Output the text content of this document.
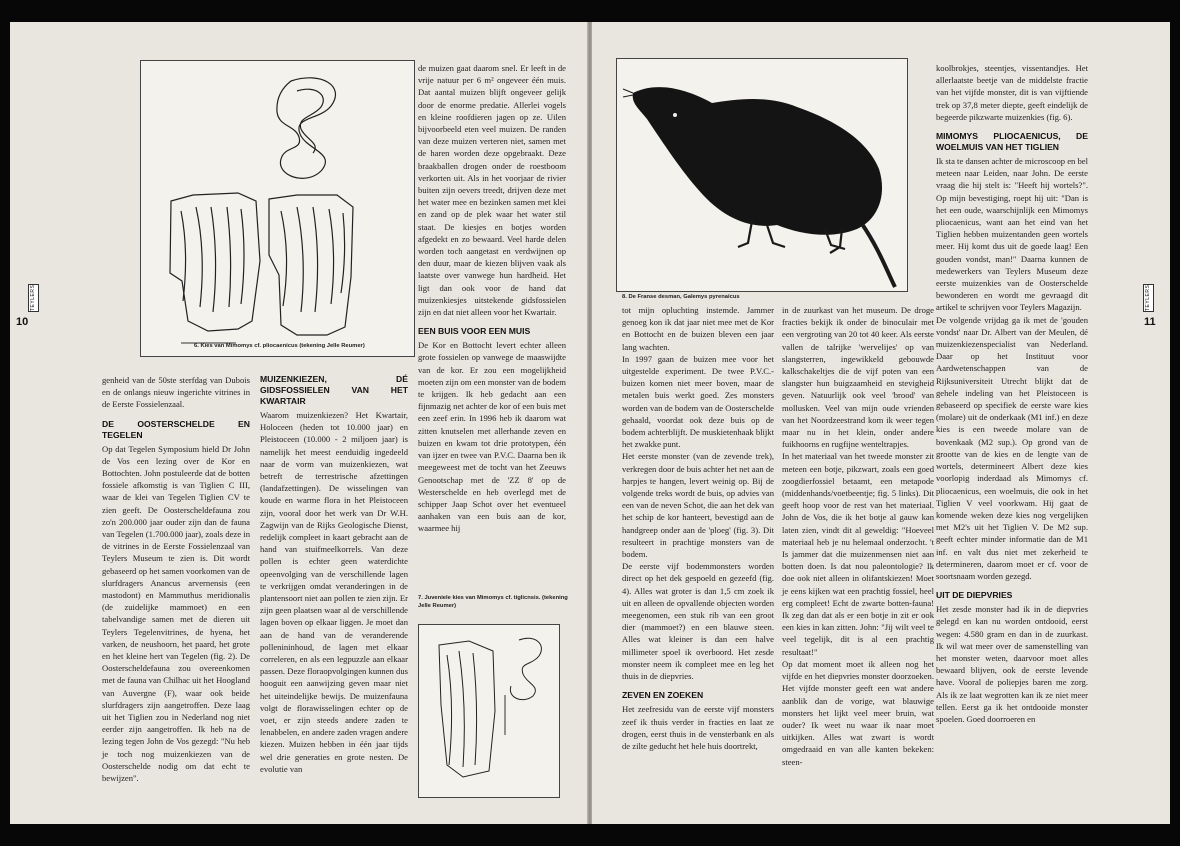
TEYLERS
10
6. Kies van Mimomys cf. pliocaenicus (tekening Jelle Reumer)

genheid van de 50ste sterfdag van Dubois en de onlangs nieuw ingerichte vitrines in de Eerste Fossielenzaal.

DE OOSTERSCHELDE EN TEGELEN

Op dat Tegelen Symposium hield Dr John de Vos een lezing over de Kor en Bottochten. John postuleerde dat de botten fossiele afkomstig is van Tiglien C III, waar de klei van Tegelen Tiglien CV te zien geeft. De Oosterscheldefauna zou zo'n 200.000 jaar ouder zijn dan de fauna van Tegelen (1.700.000 jaar), zoals deze in de vitrines in de Eerste Fossielenzaal van Teylers Museum te zien is. Dit wordt gebaseerd op het samen voorkomen van de slurfdragers Anancus arvernensis (een mastodont) en Mammuthus meridionalis (de zuidelijke mammoet) en een tabelvandige samen met de dieren uit Teylers Tegelenvitrines, de hyena, het varken, de neushoorn, het paard, het grote en het kleine hert van Tegelen (fig. 2). De Oosterscheldefauna zou overeenkomen met de fauna van Chilhac uit het Hoogland van Auvergne (F), waar ook beide slurfdragers zijn aangetroffen. Deze laag uit het Tiglien zou in Nederland nog niet eerder zijn aangetroffen. Ik heb na de lezing tegen John de Vos gezegd: "Nu heb je toch nog muizenkiezen van de Oosterschelde nodig om dat echt te bewijzen".

MUIZENKIEZEN, DÉ GIDSFOSSIELEN VAN HET KWARTAIR

Waarom muizenkiezen? Het Kwartair, Holoceen (heden tot 10.000 jaar) en Pleistoceen (10.000 - 2 miljoen jaar) is namelijk het meest eenduidig ingedeeld naar de vorm van muizenkiezen, wat betreft de terrestrische afzettingen (landafzettingen). De wisselingen van koude en warme flora in het Pleistoceen zijn, vooral door het werk van Dr W.H. Zagwijn van de Rijks Geologische Dienst, redelijk compleet in kaart gebracht aan de hand van stuifmeelkorrels. Van deze pollen is echter geen waterdichte opeenvolging van de verschillende lagen te verkrijgen omdat veranderingen in de plantensoort niet aan pollen te zien zijn. Er zijn geen plaatsen waar al de verschillende lagen boven op elkaar liggen. Je moet dan aan de hand van de veranderende pollenininhoud, de lagen met elkaar correleren, en als een legpuzzle aan elkaar passen. Deze floraopvolgingen kunnen dus hooguit een aanwijzing geven maar niet het uiteindelijke bewijs. De muizenfauna volgt de florawisselingen echter op de voet, er zijn steeds andere zaden te lenabbelen, en andere zaden vragen andere kiezen. Muizen hebben in één jaar tijds wel drie generaties en grote nesten. De evolutie van

de muizen gaat daarom snel. Er leeft in de vrije natuur per 6 m² ongeveer één muis. Dat aantal muizen blijft ongeveer gelijk door de enorme predatie. Allerlei vogels en kleine roofdieren jagen op ze. Uilen bijvoorbeeld eten veel muizen. De randen van deze muizen verteren niet, samen met de haren worden deze opgebraakt. Deze braakballen drogen onder de roestboom verkorten uit. Als in het voorjaar de rivier buiten zijn oevers treedt, drijven deze met het water mee en bezinken samen met klei en zand op de plek waar het water stil staat. De kiesjes en botjes worden afgedekt en zo bewaard. Veel harde delen worden toch aangetast en verdwijnen op den duur, maar de kiezen blijven vaak als laatste over vanwege hun hardheid. Het ligt dan ook voor de hand dat muizenkiesjes uitstekende gidsfossielen zijn en dat niet alleen voor het Kwartair.

EEN BUIS VOOR EEN MUIS

De Kor en Bottocht levert echter alleen grote fossielen op vanwege de maaswijdte van de kor. Er zou een mogelijkheid moeten zijn om een monster van de bodem te krijgen. Ik heb gedacht aan een fijnmazig net achter de kor of een buis met een zeef erin. In 1996 heb ik daarom wat zitten knutselen met allerhande zeven en buizen en kwam tot drie prototypen, één van ijzer en twee van P.V.C. Daarna ben ik meegeweest met de tocht van het Zeeuws Genootschap met de 'ZZ 8' op de Westerschelde en heb overlegd met de schipper Jaap Schot over het eventueel aanhaken van een buis aan de kor, waarmee hij

7. Juveniele kies van Mimomys cf. tiglicnsis. (tekening Jelle Reumer)
TEYLERS
11
8. De Franse desman, Galemys pyrenaicus

tot mijn opluchting instemde. Jammer genoeg kon ik dat jaar niet mee met de Kor en Bottocht en de buizen bleven een jaar lang wachten.

In 1997 gaan de buizen mee voor het uitgestelde experiment. De twee P.V.C.-buizen komen niet meer boven, maar de metalen buis werkt goed. Zes monsters worden van de bodem van de Oosterschelde gehaald, voordat ook deze buis op de bodem achterblijft. De muskietenhaak blijkt het zwakke punt.

Het eerste monster (van de zevende trek), verkregen door de buis achter het net aan de harpjes te hangen, levert weinig op. Bij de volgende treks wordt de buis, op advies van een van de neven Schot, die aan het dek van het schip de kor hanteert, bevestigd aan de handgreep onder aan de 'ploeg' (fig. 3). Dit resulteert in prachtige monsters van de bodem.

De eerste vijf bodemmonsters worden direct op het dek gespoeld en gezeefd (fig. 4). Alles wat groter is dan 1,5 cm zoek ik uit en alleen de opvallende objecten worden meegenomen, een stuk rib van een groot dier (mammoet?) en een blauwe steen. Alles wat kleiner is dan een halve millimeter spoel ik overboord. Het zesde monster neem ik compleet mee en leg het thuis in de diepvries.

ZEVEN EN ZOEKEN

Het zeefresidu van de eerste vijf monsters zeef ik thuis verder in fracties en laat ze drogen, eerst thuis in de vensterbank en als de zilte geducht het hele huis doortrekt,

in de zuurkast van het museum. De droge fracties bekijk ik onder de binoculair met een vergroting van 20 tot 40 keer. Als eerste vallen de talrijke 'wervelijes' op van slangsterren, ingewikkeld gebouwde kalkschakeltjes die de vijf poten van een slangster hun buigzaamheid en stevigheid geven. Natuurlijk ook veel 'brood' van mollusken. Veel van mijn oude vrienden van het Noordzeestrand kom ik weer tegen maar nu in het klein, onder andere fuikhoorns en rugfijne wenteltrapjes.

In het materiaal van het tweede monster zit meteen een botje, pikzwart, zoals een goed zoogdierfossiel betaamt, een metapode (middenhands/voetbeentje; fig. 5 links). Dit geeft hoop voor de rest van het materiaal. John de Vos, die ik het botje al gauw kan laten zien, vindt dit al geweldig: "Hoeveel materiaal heb je nu helemaal onderzocht. 't Is jammer dat die muizenmensen niet aan botten doen. Is dat nou paleontologie? Ik doe ook niet alleen in olifantskiezen! Moet je eens kijken wat een prachtig fossiel, heel erg compleet! Echt de zwarte botten-fauna! Ik zeg dan dat als er een botje in zit er ook een kies in kan zitten. John: "Jij wilt veel te veel tegelijk, dit is al een prachtig resultaat!"

Op dat moment moet ik alleen nog het vijfde en het diepvries monster doorzoeken. Het vijfde monster geeft een wat andere aanblik dan de vorige, wat blauwige monsters het lijkt veel meer bruin, wat ouder? Ik weet nu waar ik naar moet uitkijken. Alles wat zwart is wordt omgedraaid en van alle kanten bekeken: steen-

koolbrokjes, steentjes, vissentandjes. Het allerlaatste beetje van de middelste fractie van het vijfde monster, dit is van vijftiende trek op 37,8 meter diepte, geeft eindelijk de begeerde pikzwarte muizenkies (fig. 6).

MIMOMYS PLIOCAENICUS, DE WOELMUIS VAN HET TIGLIEN

Ik sta te dansen achter de microscoop en bel meteen naar Leiden, naar John. De eerste vraag die hij stelt is: "Heeft hij wortels?". Op mijn bevestiging, roept hij uit: "Dan is het een oude, waarschijnlijk een Mimomys pliocaenicus, want aan het eind van het Tiglien hebben muizentanden geen wortels meer. Hij komt dus uit de goede laag! Een gouden vondst, man!" Daarna kunnen de medewerkers van Teylers Museum deze eerste muizenkies van de Oosterschelde bewonderen en wordt me gevraagd dit artikel te schrijven voor Teylers Magazijn.

De volgende vrijdag ga ik met de 'gouden vondst' naar Dr. Albert van der Meulen, dé muizenkiezenspecialist van Nederland. Daar op het Instituut voor Aardwetenschappen van de Rijksuniversiteit Utrecht blijkt dat de gehele indeling van het Pleistoceen is gebaseerd op specifiek de eerste ware kies (molare) uit de onderkaak (M1 inf.) en deze kies is een tweede molare van de bovenkaak (M2 sup.). Op grond van de grootte van de kies en de lengte van de wortels, determineert Albert deze kies voorlopig inderdaad als Mimomys cf. pliocaenicus, een woelmuis, die ook in het Tiglien V veel voorkwam. Hij gaat de komende weken deze kies nog vergelijken met M2's uit het Tiglien V. De M2 sup. geeft echter minder informatie dan de M1 inf. en valt dus niet met zekerheid te determineren, daarom moet er cf. voor de soortsnaam worden gezegd.

UIT DE DIEPVRIES

Het zesde monster had ik in de diepvries gelegd en kan nu worden ontdooid, eerst wegen: 4.580 gram en dan in de zuurkast. Ik wil wat meer over de samenstelling van het monster weten, daarvoor moet alles bewaard blijven, ook de eerste levende have. Vooral de poliepjes baren me zorg. Als ik ze laat wegrotten kan ik ze niet meer tellen. Eerst ga ik het ontdooide monster spoelen. Goed doorroeren en
